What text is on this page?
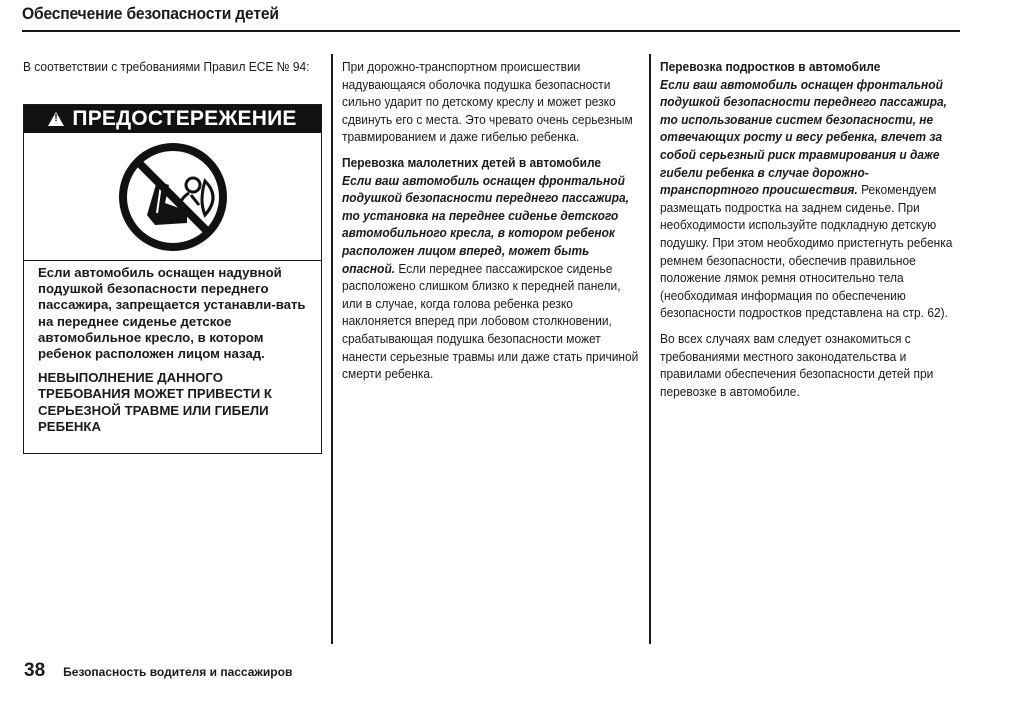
Обеспечение безопасности детей

В соответствии с требованиями Правил ЕСЕ № 94:

!
ПРЕДОСТЕРЕЖЕНИЕ

Если автомобиль оснащен надувной подушкой безопасности переднего пассажира, запрещается устанавли-вать на переднее сиденье детское автомобильное кресло, в котором ребенок расположен лицом назад.

НЕВЫПОЛНЕНИЕ ДАННОГО ТРЕБОВАНИЯ МОЖЕТ ПРИВЕСТИ К СЕРЬЕЗНОЙ ТРАВМЕ ИЛИ ГИБЕЛИ РЕБЕНКА

При дорожно-транспортном происшествии надувающаяся оболочка подушка безопасности сильно ударит по детскому креслу и может резко сдвинуть его с места. Это чревато очень серьезным травмированием и даже гибелью ребенка.

Перевозка малолетних детей в автомобиле

Если ваш автомобиль оснащен фронтальной подушкой безопасности переднего пассажира, то установка на переднее сиденье детского автомобильного кресла, в котором ребенок расположен лицом вперед, может быть опасной. Если переднее пассажирское сиденье расположено слишком близко к передней панели, или в случае, когда голова ребенка резко наклоняется вперед при лобовом столкновении, срабатывающая подушка безопасности может нанести серьезные травмы или даже стать причиной смерти ребенка.

Перевозка подростков в автомобиле

Если ваш автомобиль оснащен фронтальной подушкой безопасности переднего пассажира, то использование систем безопасности, не отвечающих росту и весу ребенка, влечет за собой серьезный риск травмирования и даже гибели ребенка в случае дорожно-транспортного происшествия. Рекомендуем размещать подростка на заднем сиденье. При необходимости используйте подкладную детскую подушку. При этом необходимо пристегнуть ребенка ремнем безопасности, обеспечив правильное положение лямок ремня относительно тела (необходимая информация по обеспечению безопасности подростков представлена на стр. 62).

Во всех случаях вам следует ознакомиться с требованиями местного законодательства и правилами обеспечения безопасности детей при перевозке в автомобиле.

38 Безопасность водителя и пассажиров
